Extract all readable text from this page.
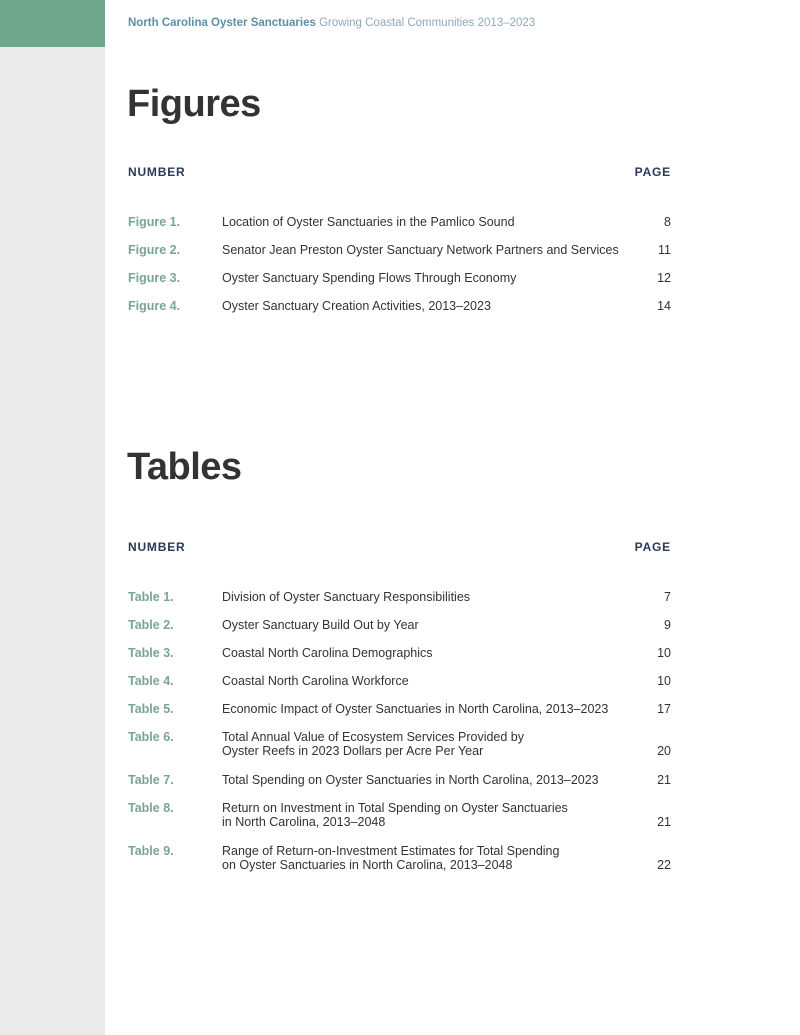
North Carolina Oyster Sanctuaries Growing Coastal Communities 2013–2023
Figures
NUMBER	PAGE
Figure 1.	Location of Oyster Sanctuaries in the Pamlico Sound	8
Figure 2.	Senator Jean Preston Oyster Sanctuary Network Partners and Services	11
Figure 3.	Oyster Sanctuary Spending Flows Through Economy	12
Figure 4.	Oyster Sanctuary Creation Activities, 2013–2023	14
Tables
NUMBER	PAGE
Table 1.	Division of Oyster Sanctuary Responsibilities	7
Table 2.	Oyster Sanctuary Build Out by Year	9
Table 3.	Coastal North Carolina Demographics	10
Table 4.	Coastal North Carolina Workforce	10
Table 5.	Economic Impact of Oyster Sanctuaries in North Carolina, 2013–2023	17
Table 6.	Total Annual Value of Ecosystem Services Provided by
Oyster Reefs in 2023 Dollars per Acre Per Year	20
Table 7.	Total Spending on Oyster Sanctuaries in North Carolina, 2013–2023	21
Table 8.	Return on Investment in Total Spending on Oyster Sanctuaries
in North Carolina, 2013–2048	21
Table 9.	Range of Return-on-Investment Estimates for Total Spending
on Oyster Sanctuaries in North Carolina, 2013–2048	22
